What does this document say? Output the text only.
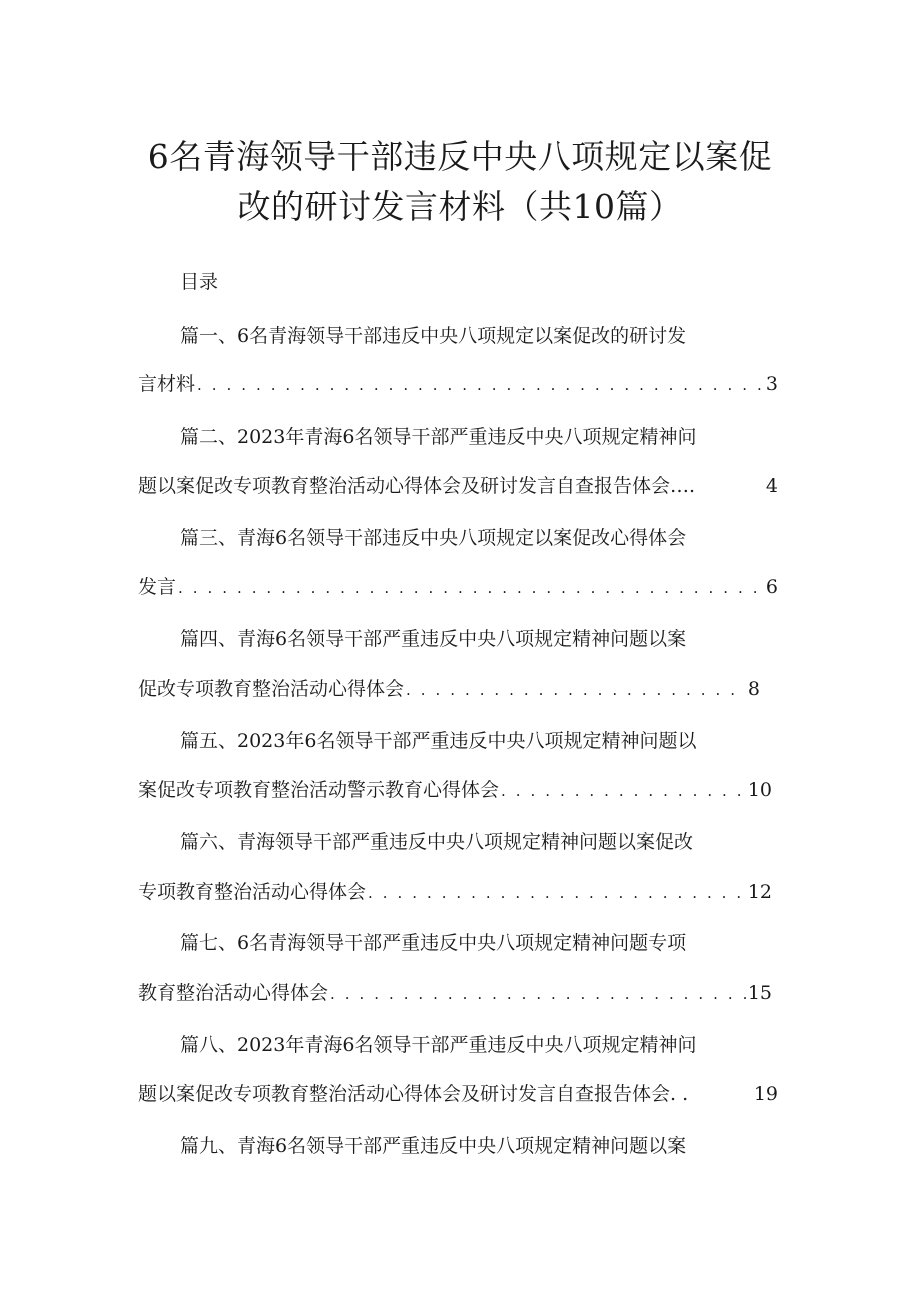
6名青海领导干部违反中央八项规定以案促
改的研讨发言材料（共10篇）
目录
篇一、6名青海领导干部违反中央八项规定以案促改的研讨发
言材料 . . .	3
篇二、2023年青海6名领导干部严重违反中央八项规定精神问
题以案促改专项教育整治活动心得体会及研讨发言自查报告体会….	4
篇三、青海6名领导干部违反中央八项规定以案促改心得体会
发言 . . .	6
篇四、青海6名领导干部严重违反中央八项规定精神问题以案
促改专项教育整治活动心得体会 . . .	8
篇五、2023年6名领导干部严重违反中央八项规定精神问题以
案促改专项教育整治活动警示教育心得体会 . . .	10
篇六、青海领导干部严重违反中央八项规定精神问题以案促改
专项教育整治活动心得体会 . . .	12
篇七、6名青海领导干部严重违反中央八项规定精神问题专项
教育整治活动心得体会 . . .	15
篇八、2023年青海6名领导干部严重违反中央八项规定精神问
题以案促改专项教育整治活动心得体会及研讨发言自查报告体会. .	19
篇九、青海6名领导干部严重违反中央八项规定精神问题以案
